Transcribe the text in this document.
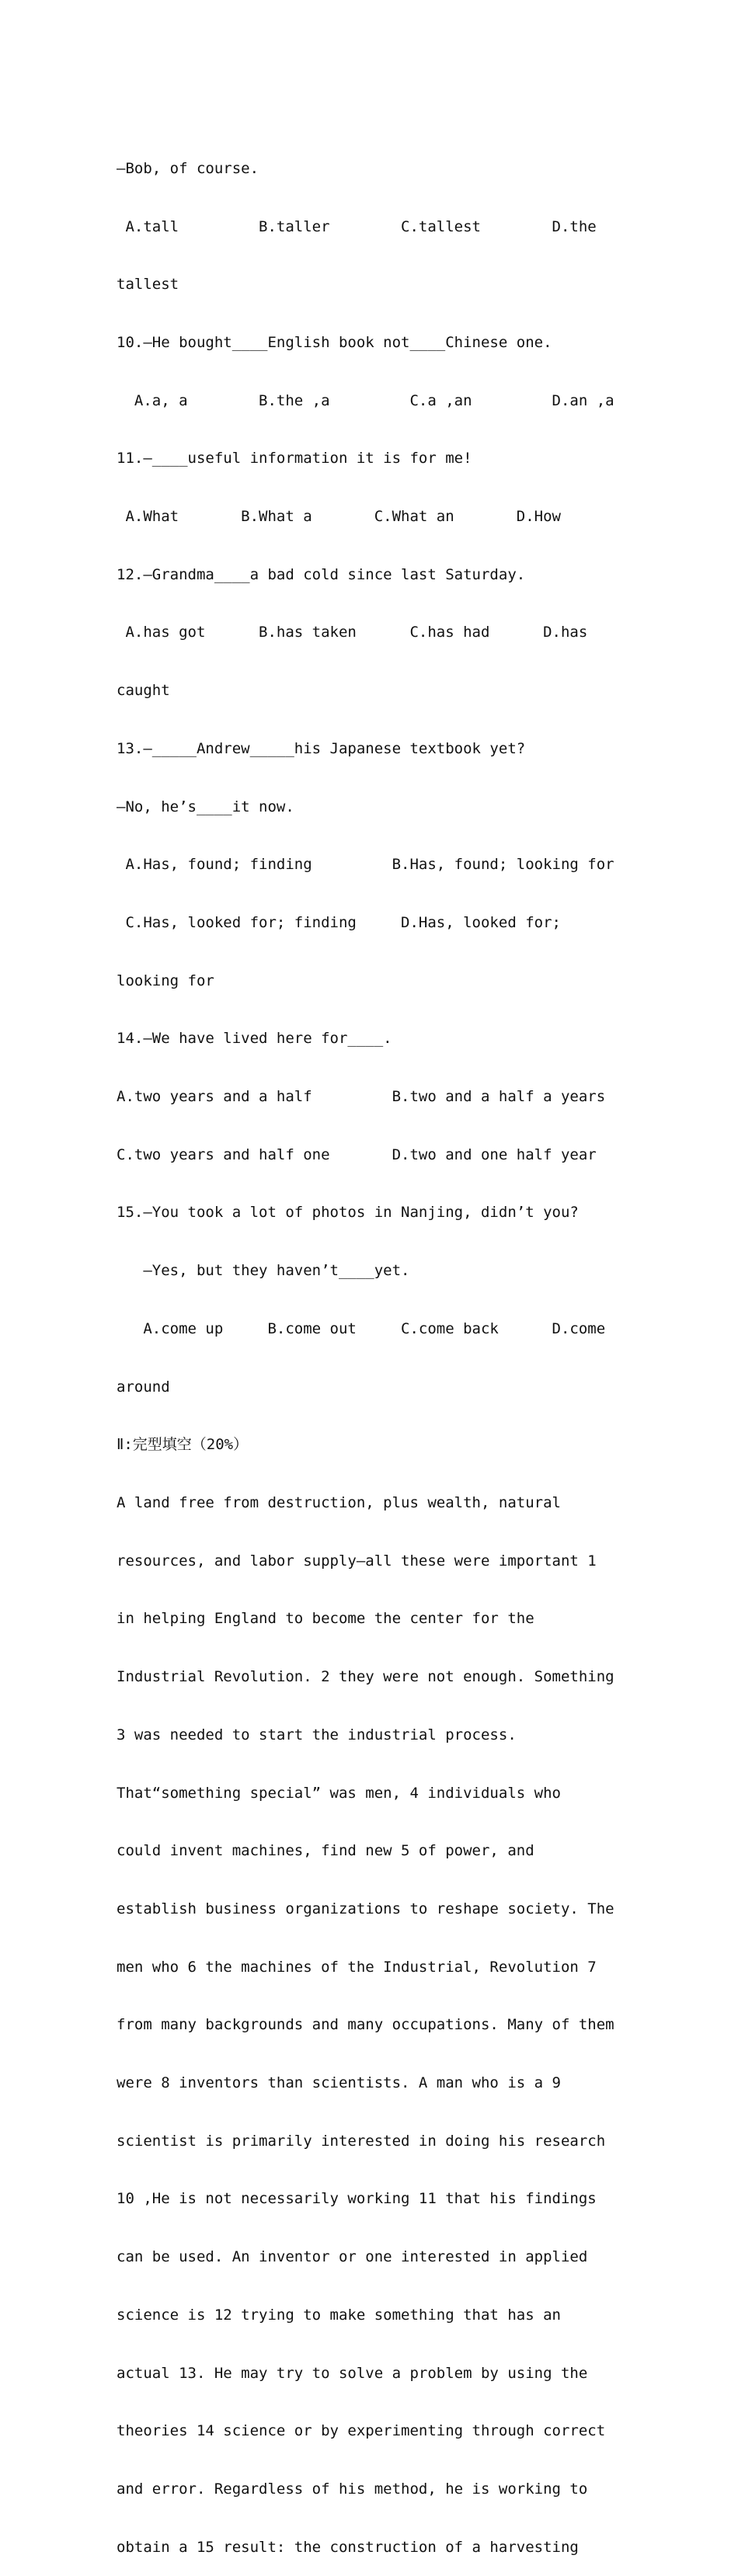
—Bob, of course.

A.tall         B.taller        C.tallest        D.the

tallest

10.—He bought____English book not____Chinese one.

A.a, a        B.the ,a         C.a ,an         D.an ,a

11.—____useful information it is for me!

A.What       B.What a       C.What an       D.How

12.—Grandma____a bad cold since last Saturday.

A.has got      B.has taken      C.has had      D.has

caught

13.—_____Andrew_____his Japanese textbook yet?

—No, he’s____it now.

A.Has, found; finding         B.Has, found; looking for

C.Has, looked for; finding     D.Has, looked for;

looking for

14.—We have lived here for____.

A.two years and a half         B.two and a half a years

C.two years and half one       D.two and one half year

15.—You took a lot of photos in Nanjing, didn’t you?

—Yes, but they haven’t____yet.

A.come up     B.come out     C.come back      D.come

around

Ⅱ:完型填空（20%）

A land free from destruction, plus wealth, natural

resources, and labor supply—all these were important 1

in helping England to become the center for the

Industrial Revolution. 2 they were not enough. Something

3 was needed to start the industrial process.

That“something special” was men, 4 individuals who

could invent machines, find new 5 of power, and

establish business organizations to reshape society. The

men who 6 the machines of the Industrial, Revolution 7

from many backgrounds and many occupations. Many of them

were 8 inventors than scientists. A man who is a 9

scientist is primarily interested in doing his research

10 ,He is not necessarily working 11 that his findings

can be used. An inventor or one interested in applied

science is 12 trying to make something that has an

actual 13. He may try to solve a problem by using the

theories 14 science or by experimenting through correct

and error. Regardless of his method, he is working to

obtain a 15 result: the construction of a harvesting
